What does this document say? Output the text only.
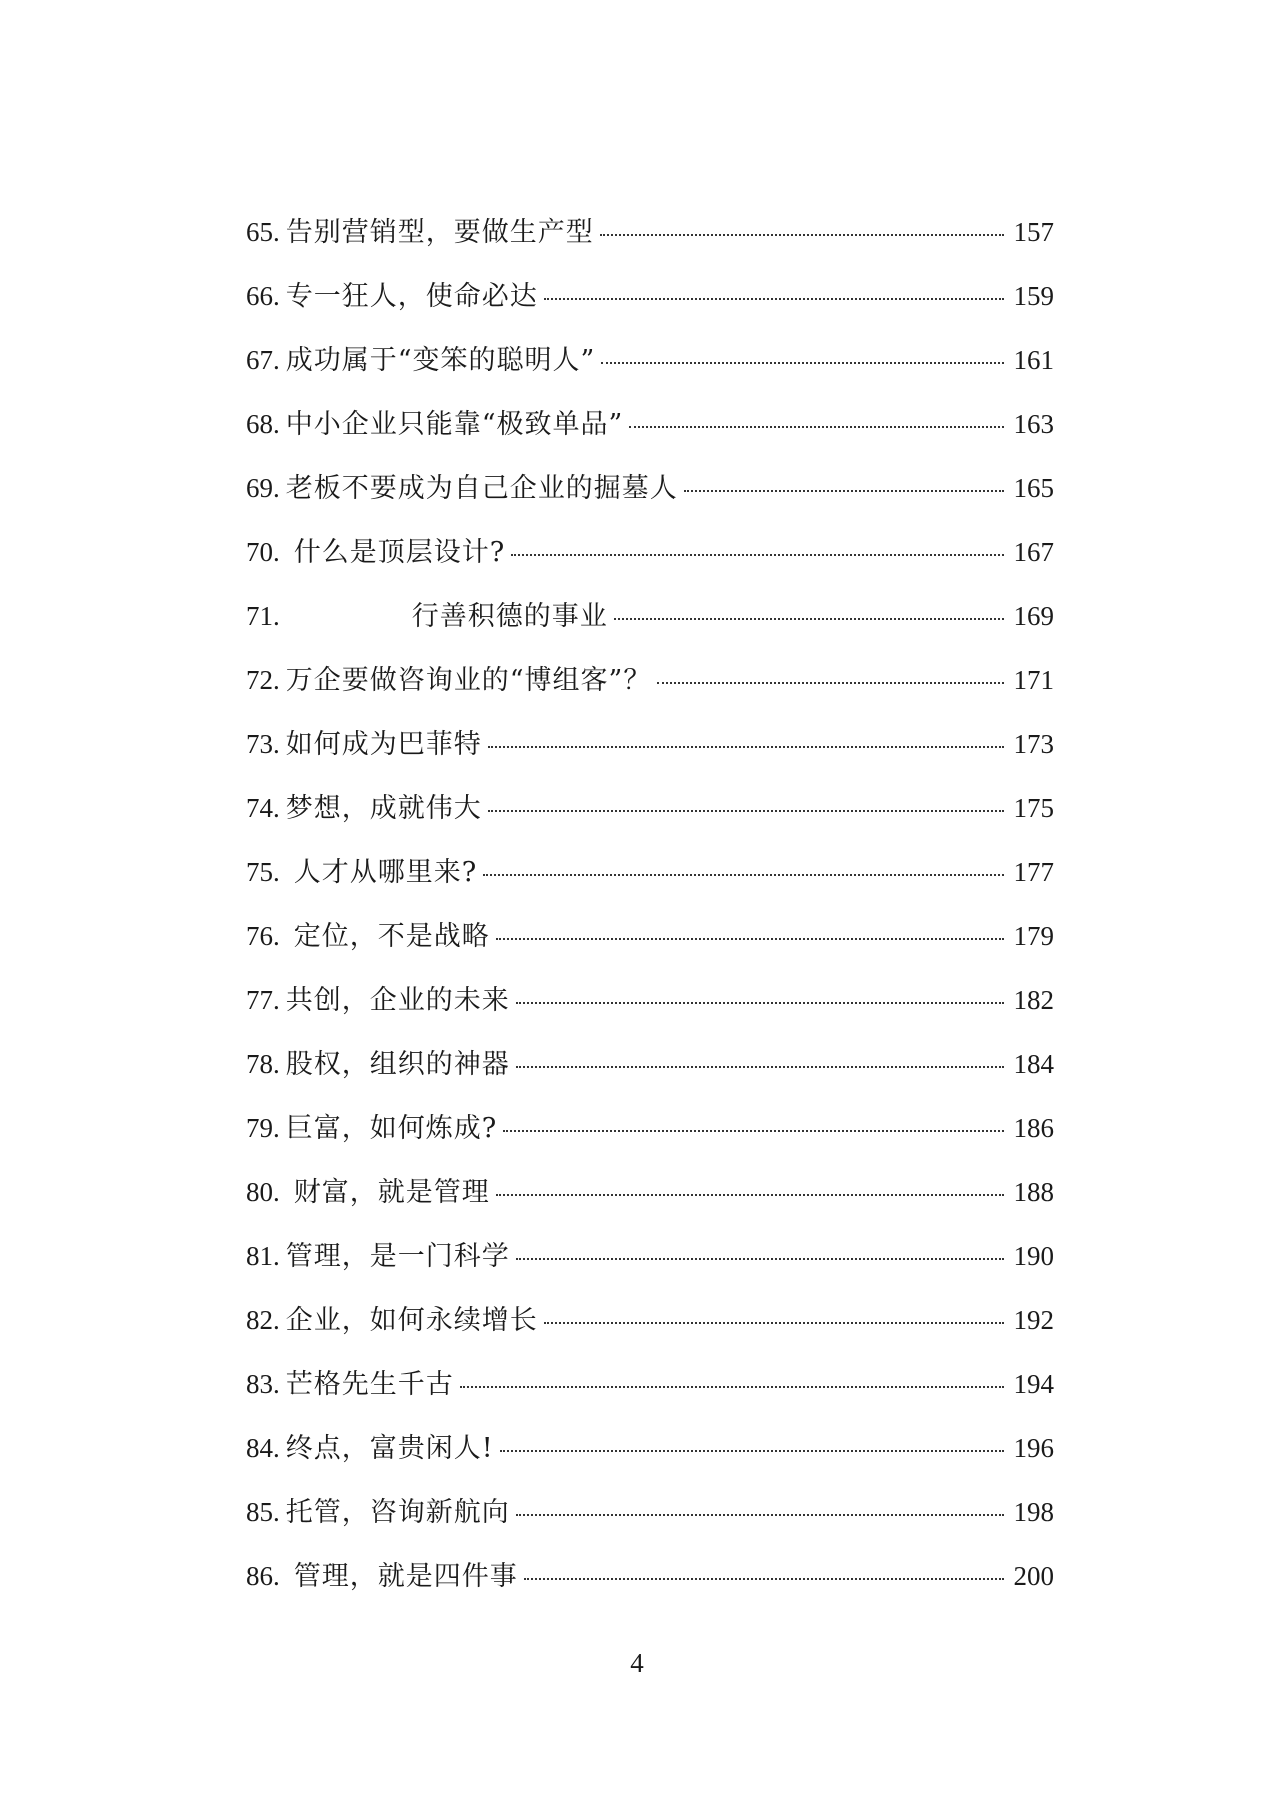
65. 告别营销型，要做生产型	157
66. 专一狂人，使命必达	159
67. 成功属于“变笨的聪明人”	161
68. 中小企业只能靠“极致单品”	163
69. 老板不要成为自己企业的掘墓人	165
70. 什么是顶层设计?	167
71.	行善积德的事业	169
72. 万企要做咨询业的“博组客”？	171
73. 如何成为巴菲特	173
74. 梦想，成就伟大	175
75. 人才从哪里来?	177
76. 定位，不是战略	179
77. 共创，企业的未来	182
78. 股权，组织的神器	184
79. 巨富，如何炼成?	186
80. 财富，就是管理	188
81. 管理，是一门科学	190
82. 企业，如何永续增长	192
83. 芒格先生千古	194
84. 终点，富贵闲人!	196
85. 托管，咨询新航向	198
86. 管理，就是四件事	200
4
